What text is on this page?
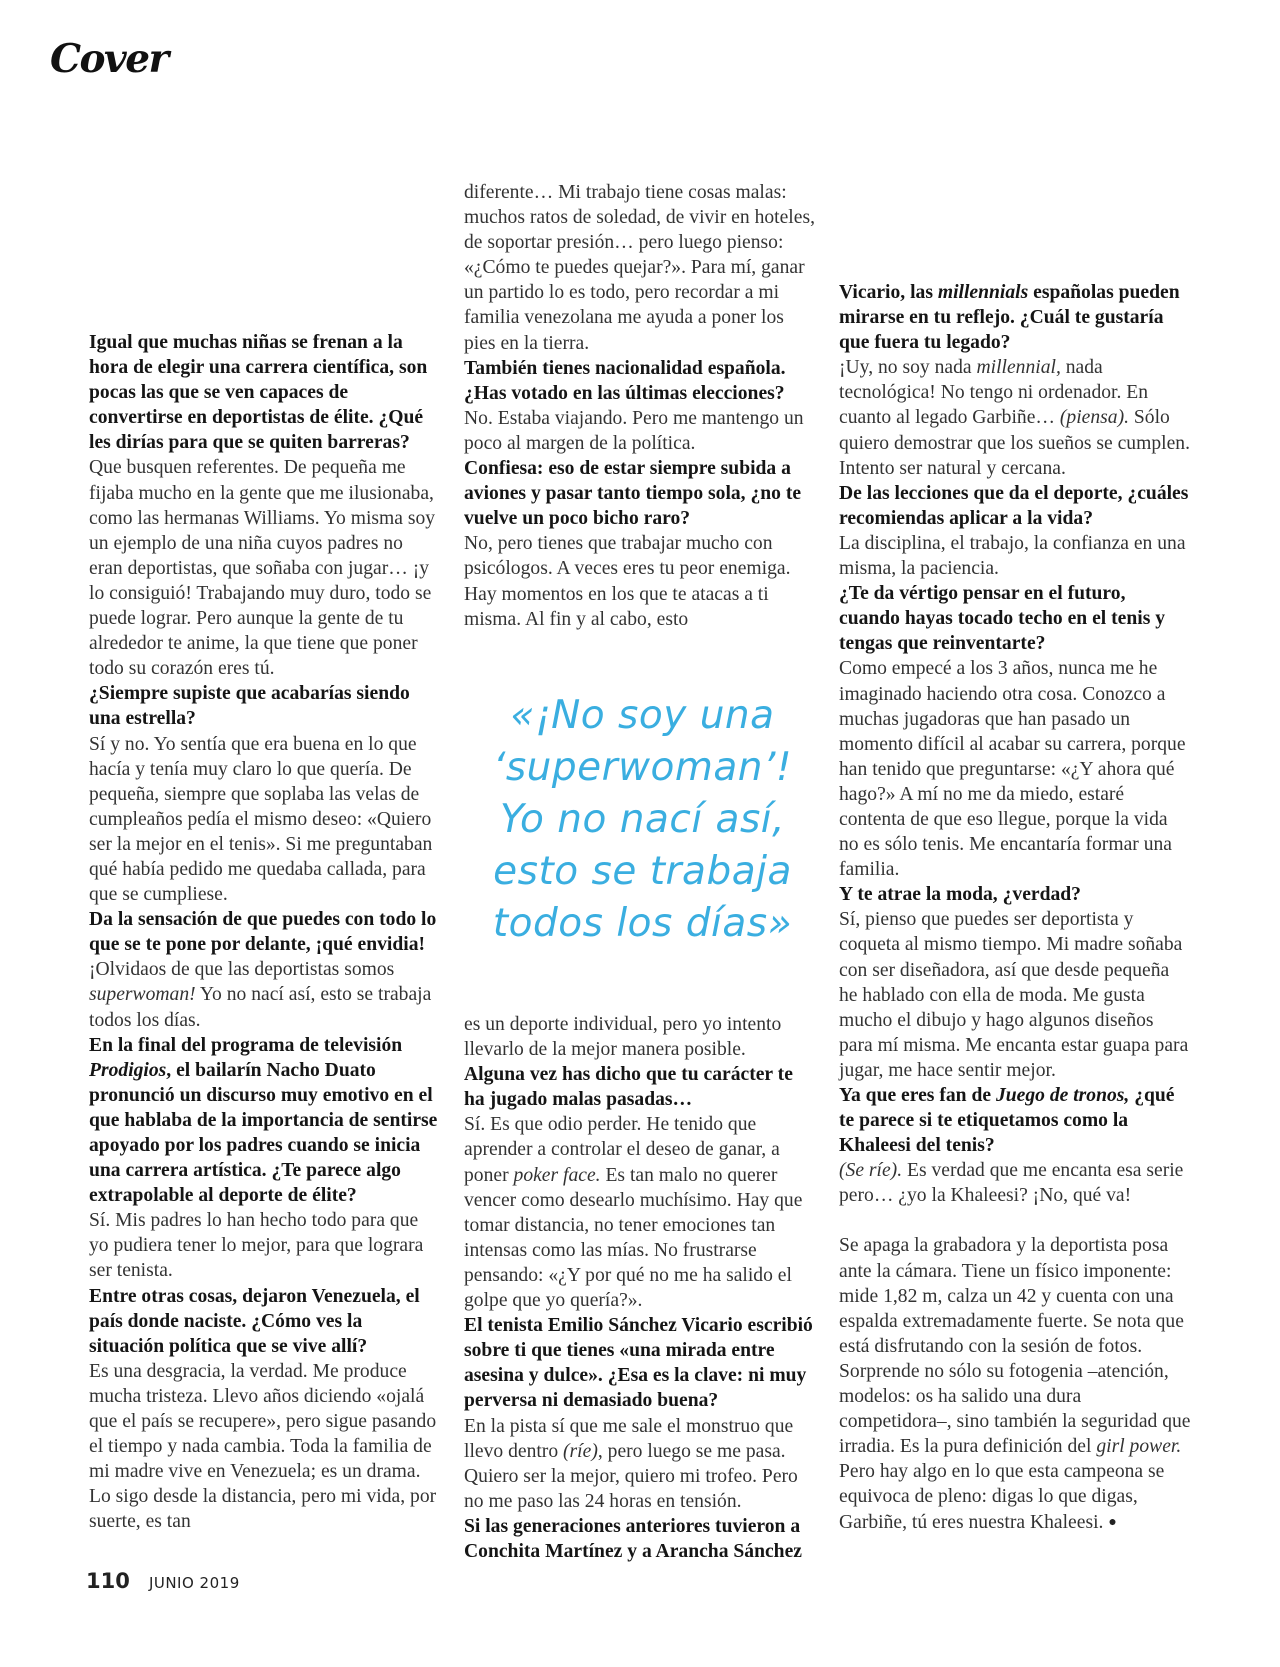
Cover

Igual que muchas niñas se frenan a la hora de elegir una carrera científica, son pocas las que se ven capaces de convertirse en deportistas de élite. ¿Qué les dirías para que se quiten barreras?

Que busquen referentes. De pequeña me fijaba mucho en la gente que me ilusionaba, como las hermanas Williams. Yo misma soy un ejemplo de una niña cuyos padres no eran deportistas, que soñaba con jugar… ¡y lo consiguió! Trabajando muy duro, todo se puede lograr. Pero aunque la gente de tu alrededor te anime, la que tiene que poner todo su corazón eres tú.

¿Siempre supiste que acabarías siendo una estrella?

Sí y no. Yo sentía que era buena en lo que hacía y tenía muy claro lo que quería. De pequeña, siempre que soplaba las velas de cumpleaños pedía el mismo deseo: «Quiero ser la mejor en el tenis». Si me preguntaban qué había pedido me quedaba callada, para que se cumpliese.

Da la sensación de que puedes con todo lo que se te pone por delante, ¡qué envidia!

¡Olvidaos de que las deportistas somos superwoman! Yo no nací así, esto se trabaja todos los días.

En la final del programa de televisión Prodigios, el bailarín Nacho Duato pronunció un discurso muy emotivo en el que hablaba de la importancia de sentirse apoyado por los padres cuando se inicia una carrera artística. ¿Te parece algo extrapolable al deporte de élite?

Sí. Mis padres lo han hecho todo para que yo pudiera tener lo mejor, para que lograra ser tenista.

Entre otras cosas, dejaron Venezuela, el país donde naciste. ¿Cómo ves la situación política que se vive allí?

Es una desgracia, la verdad. Me produce mucha tristeza. Llevo años diciendo «ojalá que el país se recupere», pero sigue pasando el tiempo y nada cambia. Toda la familia de mi madre vive en Venezuela; es un drama. Lo sigo desde la distancia, pero mi vida, por suerte, es tan

diferente… Mi trabajo tiene cosas malas: muchos ratos de soledad, de vivir en hoteles, de soportar presión… pero luego pienso: «¿Cómo te puedes quejar?». Para mí, ganar un partido lo es todo, pero recordar a mi familia venezolana me ayuda a poner los pies en la tierra.

También tienes nacionalidad española. ¿Has votado en las últimas elecciones?

No. Estaba viajando. Pero me mantengo un poco al margen de la política.

Confiesa: eso de estar siempre subida a aviones y pasar tanto tiempo sola, ¿no te vuelve un poco bicho raro?

No, pero tienes que trabajar mucho con psicólogos. A veces eres tu peor enemiga. Hay momentos en los que te atacas a ti misma. Al fin y al cabo, esto

«¡No soy una ‘superwoman’! Yo no nací así, esto se trabaja todos los días»

es un deporte individual, pero yo intento llevarlo de la mejor manera posible.

Alguna vez has dicho que tu carácter te ha jugado malas pasadas…

Sí. Es que odio perder. He tenido que aprender a controlar el deseo de ganar, a poner poker face. Es tan malo no querer vencer como desearlo muchísimo. Hay que tomar distancia, no tener emociones tan intensas como las mías. No frustrarse pensando: «¿Y por qué no me ha salido el golpe que yo quería?».

El tenista Emilio Sánchez Vicario escribió sobre ti que tienes «una mirada entre asesina y dulce». ¿Esa es la clave: ni muy perversa ni demasiado buena?

En la pista sí que me sale el monstruo que llevo dentro (ríe), pero luego se me pasa. Quiero ser la mejor, quiero mi trofeo. Pero no me paso las 24 horas en tensión.

Si las generaciones anteriores tuvieron a Conchita Martínez y a Arancha Sánchez

Vicario, las millennials españolas pueden mirarse en tu reflejo. ¿Cuál te gustaría que fuera tu legado?

¡Uy, no soy nada millennial, nada tecnológica! No tengo ni ordenador. En cuanto al legado Garbiñe… (piensa). Sólo quiero demostrar que los sueños se cumplen. Intento ser natural y cercana.

De las lecciones que da el deporte, ¿cuáles recomiendas aplicar a la vida?

La disciplina, el trabajo, la confianza en una misma, la paciencia.

¿Te da vértigo pensar en el futuro, cuando hayas tocado techo en el tenis y tengas que reinventarte?

Como empecé a los 3 años, nunca me he imaginado haciendo otra cosa. Conozco a muchas jugadoras que han pasado un momento difícil al acabar su carrera, porque han tenido que preguntarse: «¿Y ahora qué hago?» A mí no me da miedo, estaré contenta de que eso llegue, porque la vida no es sólo tenis. Me encantaría formar una familia.

Y te atrae la moda, ¿verdad?

Sí, pienso que puedes ser deportista y coqueta al mismo tiempo. Mi madre soñaba con ser diseñadora, así que desde pequeña he hablado con ella de moda. Me gusta mucho el dibujo y hago algunos diseños para mí misma. Me encanta estar guapa para jugar, me hace sentir mejor.

Ya que eres fan de Juego de tronos, ¿qué te parece si te etiquetamos como la Khaleesi del tenis?

(Se ríe). Es verdad que me encanta esa serie pero… ¿yo la Khaleesi? ¡No, qué va!

Se apaga la grabadora y la deportista posa ante la cámara. Tiene un físico imponente: mide 1,82 m, calza un 42 y cuenta con una espalda extremadamente fuerte. Se nota que está disfrutando con la sesión de fotos. Sorprende no sólo su fotogenia –atención, modelos: os ha salido una dura competidora–, sino también la seguridad que irradia. Es la pura definición del girl power. Pero hay algo en lo que esta campeona se equivoca de pleno: digas lo que digas, Garbiñe, tú eres nuestra Khaleesi. ●

110 JUNIO 2019
